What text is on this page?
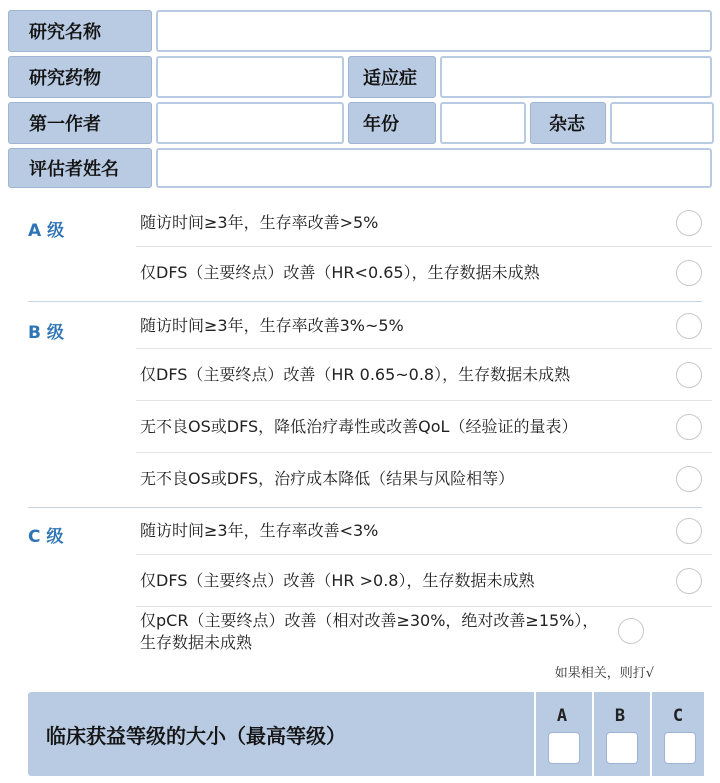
研究名称
研究药物	适应症
第一作者	年份	杂志
评估者姓名
A 级	随访时间≥3年，生存率改善>5%
仅DFS（主要终点）改善（HR<0.65），生存数据未成熟
B 级	随访时间≥3年，生存率改善3%~5%
仅DFS（主要终点）改善（HR 0.65~0.8），生存数据未成熟
无不良OS或DFS，降低治疗毒性或改善QoL（经验证的量表）
无不良OS或DFS，治疗成本降低（结果与风险相等）
C 级	随访时间≥3年，生存率改善<3%
仅DFS（主要终点）改善（HR >0.8），生存数据未成熟
仅pCR（主要终点）改善（相对改善≥30%，绝对改善≥15%），生存数据未成熟
如果相关，则打√
临床获益等级的大小（最高等级）
A	B	C
